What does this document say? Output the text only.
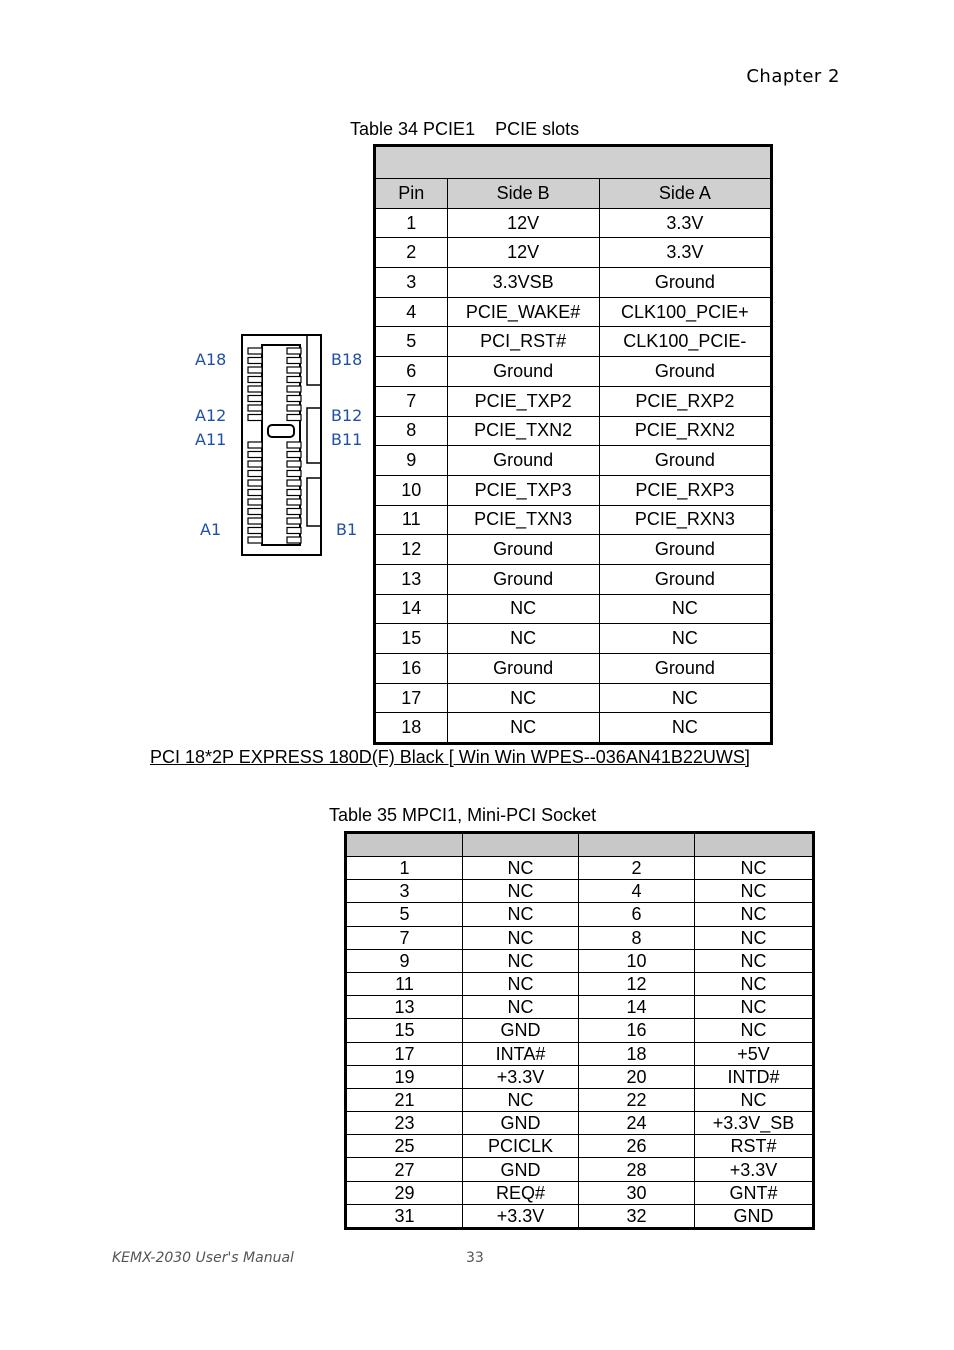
Chapter 2
Table 34 PCIE1    PCIE slots

Pin	Side B	Side A
1	12V	3.3V
2	12V	3.3V
3	3.3VSB	Ground
4	PCIE_WAKE#	CLK100_PCIE+
5	PCI_RST#	CLK100_PCIE-
6	Ground	Ground
7	PCIE_TXP2	PCIE_RXP2
8	PCIE_TXN2	PCIE_RXN2
9	Ground	Ground
10	PCIE_TXP3	PCIE_RXP3
11	PCIE_TXN3	PCIE_RXN3
12	Ground	Ground
13	Ground	Ground
14	NC	NC
15	NC	NC
16	Ground	Ground
17	NC	NC
18	NC	NC
A18
A12
A11
A1
B18
B12
B11
B1
PCI 18*2P EXPRESS 180D(F) Black [ Win Win WPES--036AN41B22UWS]
Table 35 MPCI1, Mini-PCI Socket

1	NC	2	NC
3	NC	4	NC
5	NC	6	NC
7	NC	8	NC
9	NC	10	NC
11	NC	12	NC
13	NC	14	NC
15	GND	16	NC
17	INTA#	18	+5V
19	+3.3V	20	INTD#
21	NC	22	NC
23	GND	24	+3.3V_SB
25	PCICLK	26	RST#
27	GND	28	+3.3V
29	REQ#	30	GNT#
31	+3.3V	32	GND
KEMX-2030 User's Manual	33
